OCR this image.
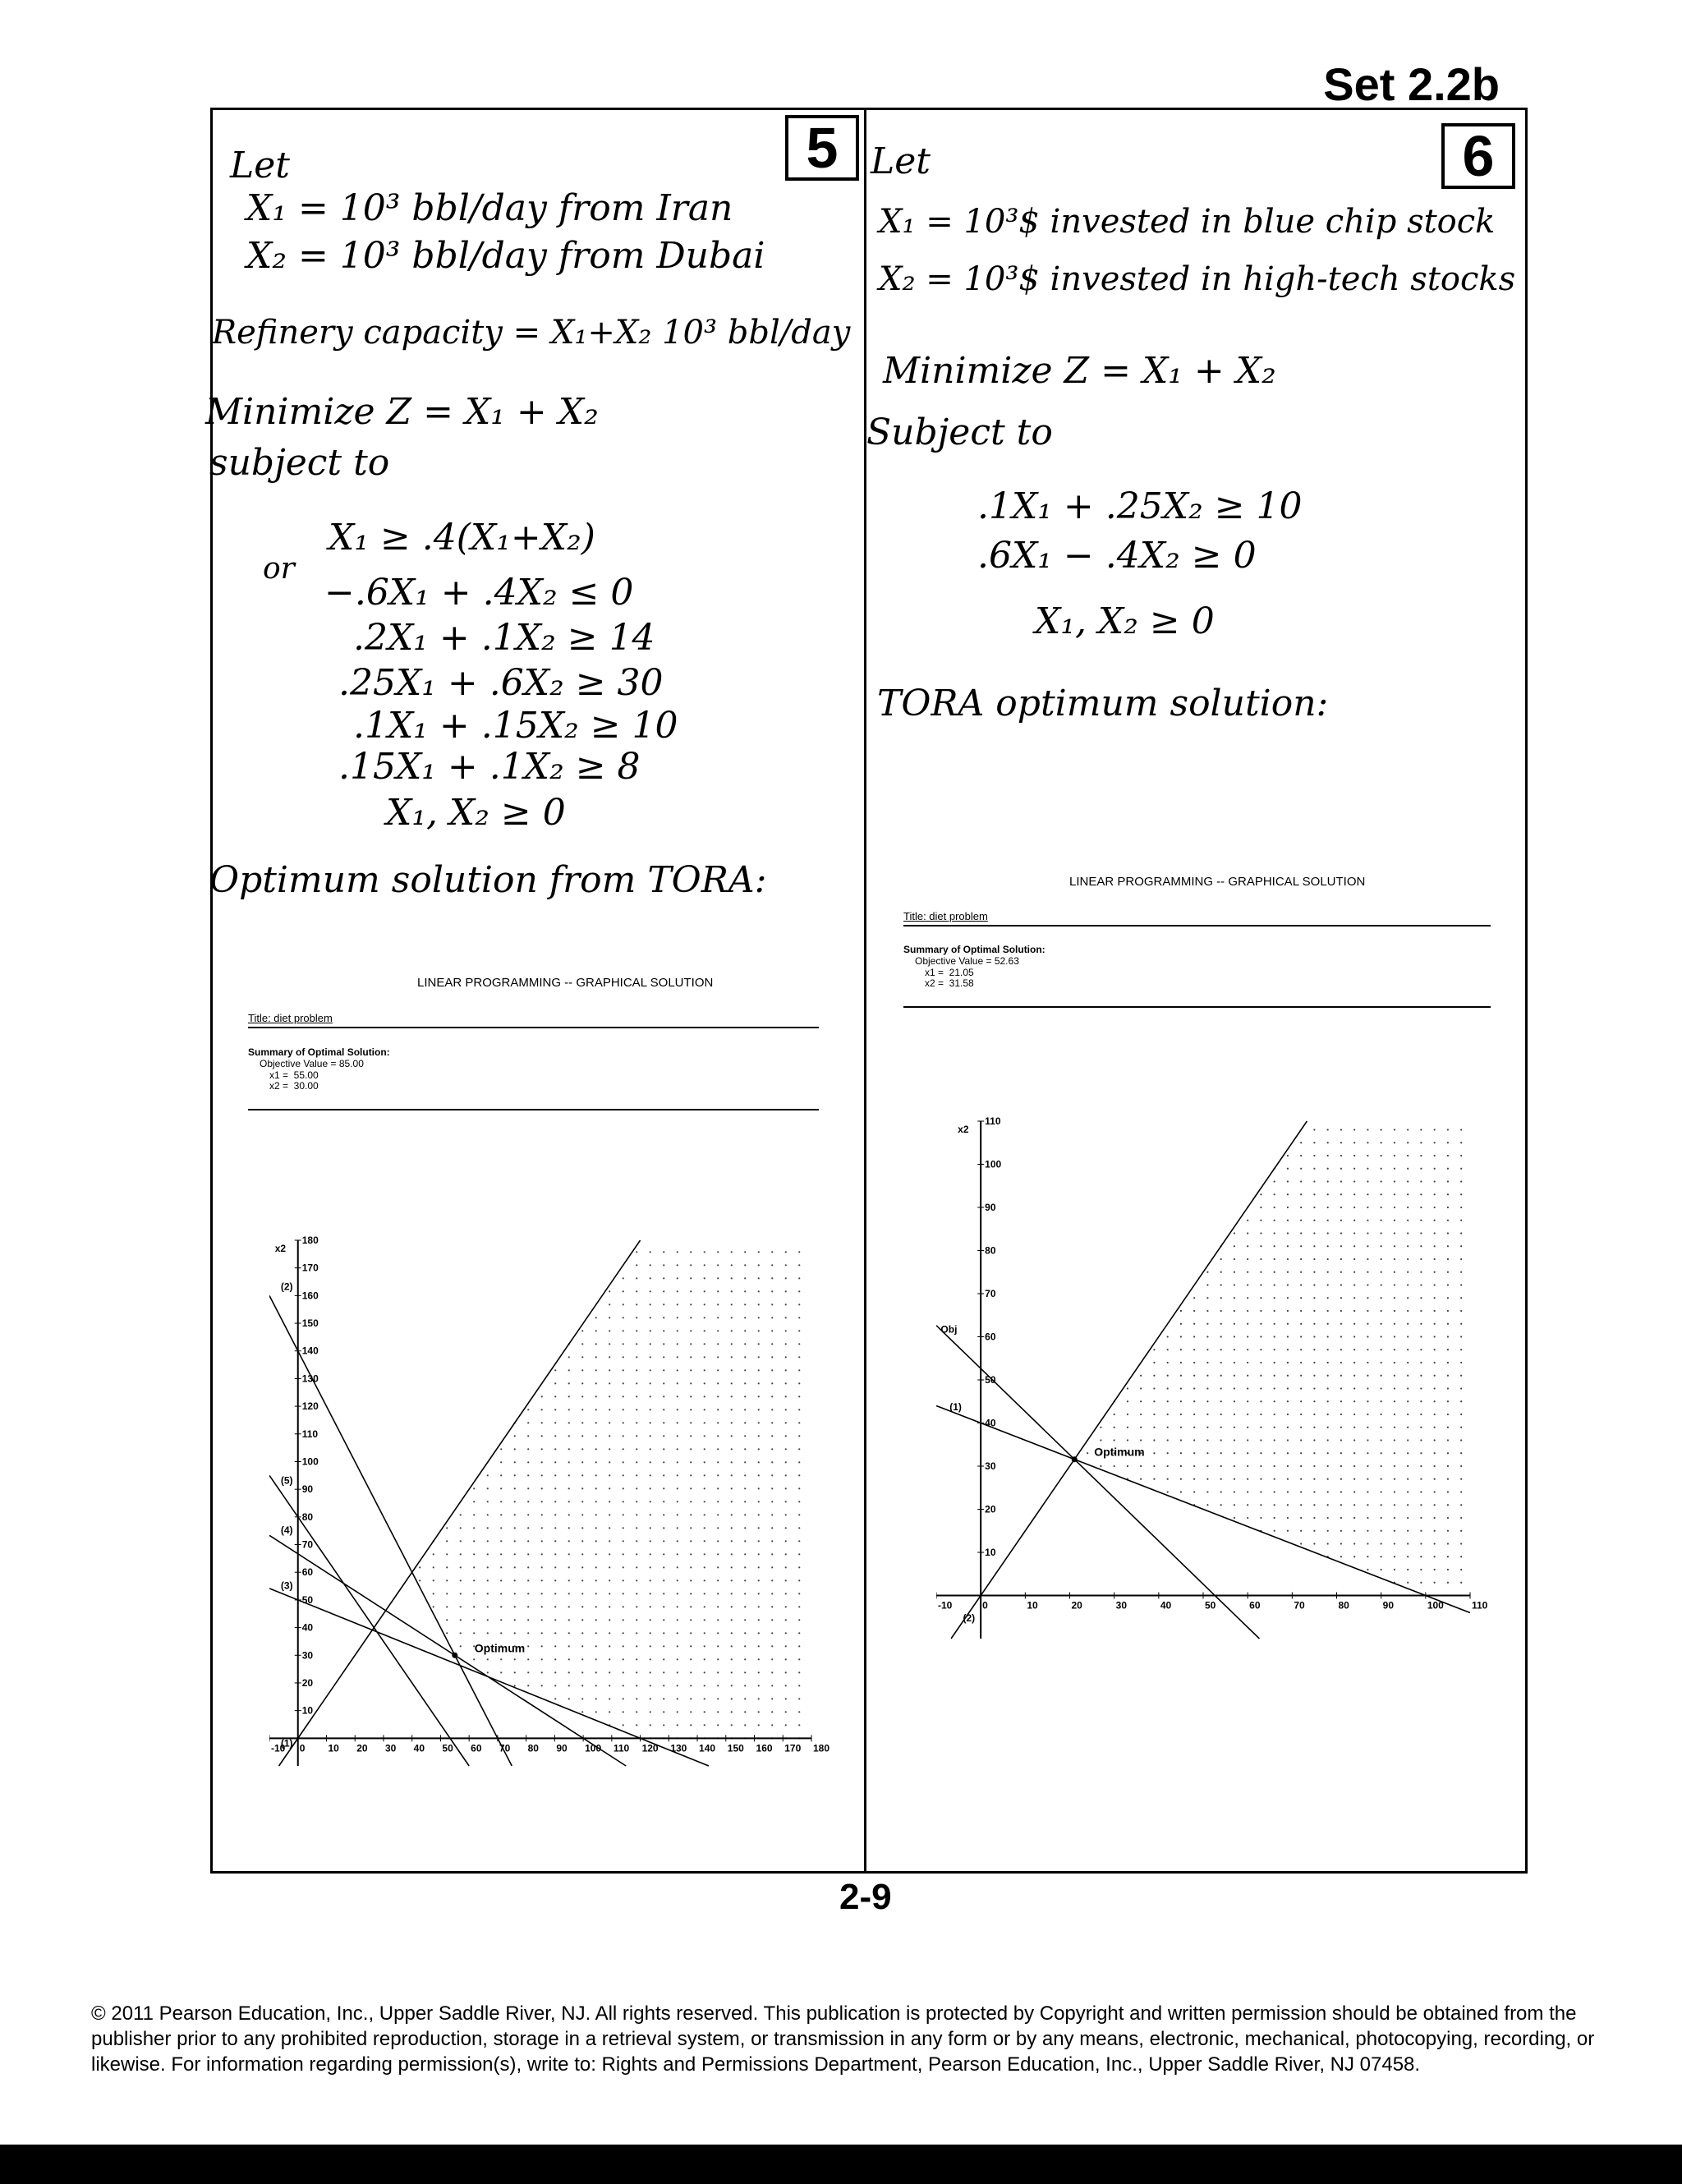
Set 2.2b
5
Let
X₁ = 10³ bbl/day from Iran
X₂ = 10³ bbl/day from Dubai
Refinery capacity = X₁+X₂ 10³ bbl/day
Minimize Z = X₁ + X₂
subject to
X₁ ≥ .4(X₁+X₂)
or
−.6X₁ + .4X₂ ≤ 0
.2X₁ + .1X₂ ≥ 14
.25X₁ + .6X₂ ≥ 30
.1X₁ + .15X₂ ≥ 10
.15X₁ + .1X₂ ≥ 8
X₁, X₂ ≥ 0
Optimum solution from TORA:
LINEAR PROGRAMMING -- GRAPHICAL SOLUTION
Title: diet problem
Summary of Optimal Solution:
Objective Value = 85.00
x1 =  55.00
x2 =  30.00
-10 0 10 20 30 40 50 60 70 80 90 100 110 120 130 140 150 160 170 180
10
20
30
40
50
60
70
80
90
100
110
120
130
140
150
160
170
180
x2
(1)
(2)
(3)
(4)
(5)
Optimum
6
Let
X₁ = 10³$ invested in blue chip stock
X₂ = 10³$ invested in high-tech stocks
Minimize Z = X₁ + X₂
Subject to
.1X₁ + .25X₂ ≥ 10
.6X₁ − .4X₂ ≥ 0
X₁, X₂ ≥ 0
TORA optimum solution:
LINEAR PROGRAMMING -- GRAPHICAL SOLUTION
Title: diet problem
Summary of Optimal Solution:
Objective Value = 52.63
x1 =  21.05
x2 =  31.58
-10	0	10	20	30	40	50	60	70	80	90	100	110
10
20
30
40
50
60
70
80
90
100
110
x2
(1)
(2)
Obj
Optimum
2-9
© 2011 Pearson Education, Inc., Upper Saddle River, NJ. All rights reserved. This publication is protected by Copyright and written permission should be obtained from the publisher prior to any prohibited reproduction, storage in a retrieval system, or transmission in any form or by any means, electronic, mechanical, photocopying, recording, or likewise. For information regarding permission(s), write to: Rights and Permissions Department, Pearson Education, Inc., Upper Saddle River, NJ 07458.
